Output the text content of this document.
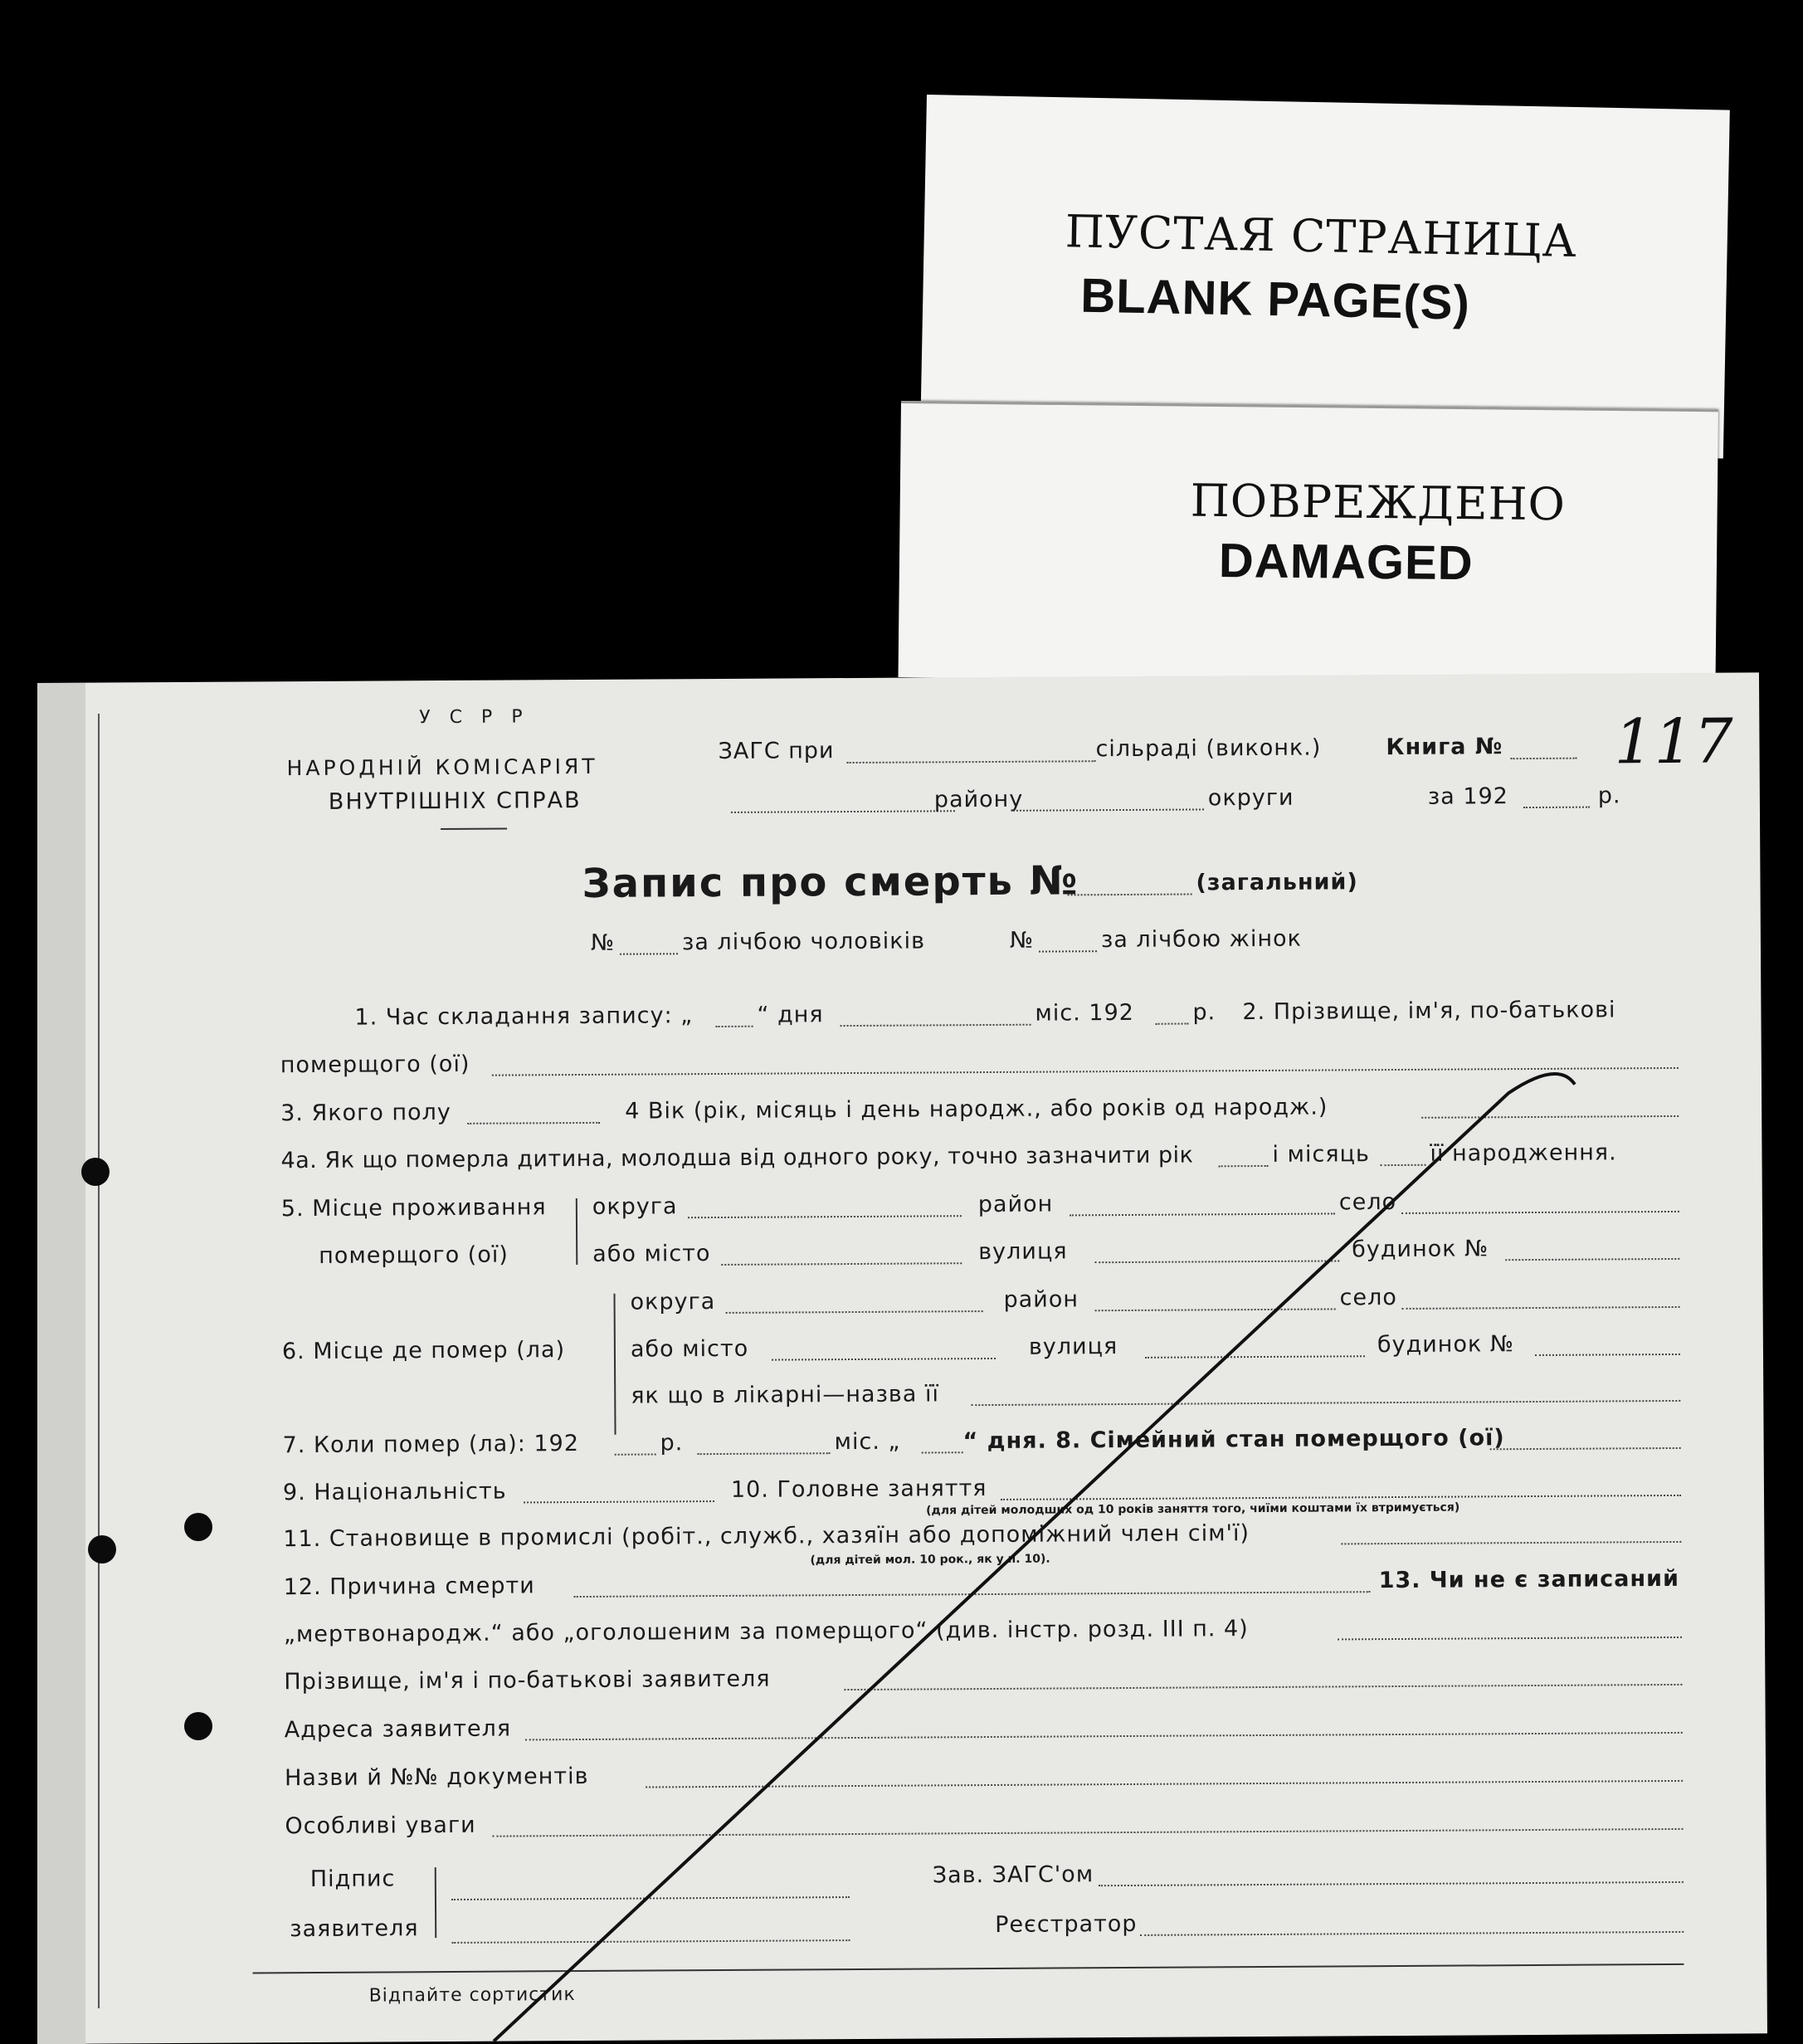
ПУСТАЯ СТРАНИЦА
BLANK PAGE(S)
ПОВРЕЖДЕНО
DAMAGED
У С Р Р
НАРОДНІЙ КОМІСАРІЯТ
ВНУТРІШНІХ СПРАВ
ЗАГС при	сільраді (виконк.)	Книга № 117
району	округи	за 192	р.
Запис про смерть №	(загальний)
№	за лічбою чоловіків	№	за лічбою жінок
1. Час складання запису: „	“ дня	міс. 192	р. 2. Прізвище, ім'я, по-батькові
померщого (ої)
3. Якого полу	4 Вік (рік, місяць і день народж., або років од народж.)
4а. Як що померла дитина, молодша від одного року, точно зазначити рік	і місяць	її народження.
5. Місце проживання
померщого (ої)
округа	район	село
або місто	вулиця	будинок №
6. Місце де помер (ла)
округа	район	село
або місто	вулиця	будинок №
як що в лікарні—назва її
7. Коли помер (ла): 192	р.	міс. „	“ дня. 8. Сімейний стан померщого (ої)
9. Національність	10. Головне заняття
(для дітей молодших од 10 років заняття того, чиїми коштами їх втримується)
11. Становище в промислі (робіт., служб., хазяїн або допоміжний член сім'ї)
(для дітей мол. 10 рок., як у п. 10).
12. Причина смерти	13. Чи не є записаний
„мертвонародж.“ або „оголошеним за померщого“ (див. інстр. розд. III п. 4)
Прізвище, ім'я і по-батькові заявителя
Адреса заявителя
Назви й №№ документів
Особливі уваги
Підпис
заявителя
Зав. ЗАГС'ом
Реєстратор
Відпайте сортистик
